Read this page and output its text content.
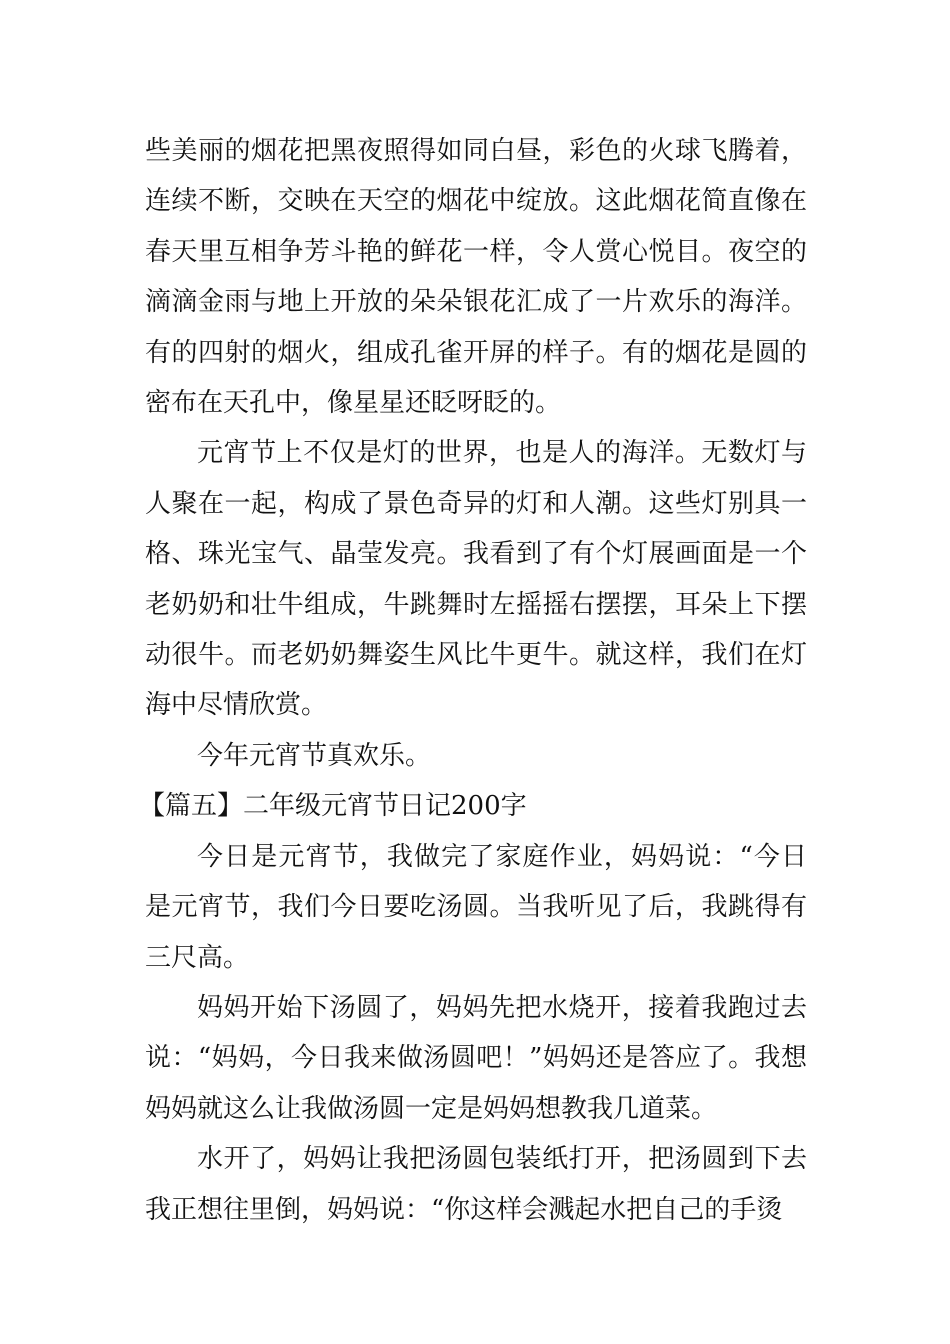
些美丽的烟花把黑夜照得如同白昼，彩色的火球飞腾着，连续不断，交映在天空的烟花中绽放。这此烟花简直像在春天里互相争芳斗艳的鲜花一样，令人赏心悦目。夜空的滴滴金雨与地上开放的朵朵银花汇成了一片欢乐的海洋。有的四射的烟火，组成孔雀开屏的样子。有的烟花是圆的密布在天孔中，像星星还眨呀眨的。

元宵节上不仅是灯的世界，也是人的海洋。无数灯与人聚在一起，构成了景色奇异的灯和人潮。这些灯别具一格、珠光宝气、晶莹发亮。我看到了有个灯展画面是一个老奶奶和壮牛组成，牛跳舞时左摇摇右摆摆，耳朵上下摆动很牛。而老奶奶舞姿生风比牛更牛。就这样，我们在灯海中尽情欣赏。

今年元宵节真欢乐。

【篇五】二年级元宵节日记200字

今日是元宵节，我做完了家庭作业，妈妈说：“今日是元宵节，我们今日要吃汤圆。当我听见了后，我跳得有三尺高。

妈妈开始下汤圆了，妈妈先把水烧开，接着我跑过去说：“妈妈，今日我来做汤圆吧！”妈妈还是答应了。我想妈妈就这么让我做汤圆一定是妈妈想教我几道菜。

水开了，妈妈让我把汤圆包装纸打开，把汤圆到下去我正想往里倒，妈妈说：“你这样会溅起水把自己的手烫
